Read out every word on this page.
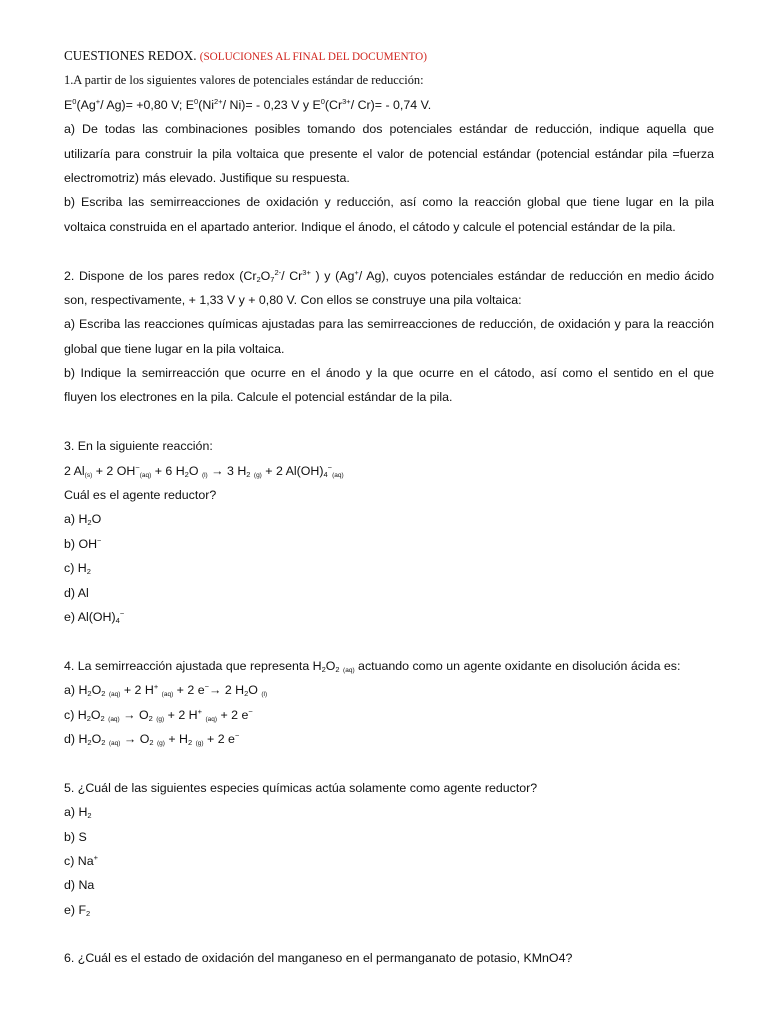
CUESTIONES REDOX. (SOLUCIONES AL FINAL DEL DOCUMENTO)
1.A partir de los siguientes valores de potenciales estándar de reducción:
$E^0(Ag^+/$ Ag)= +0,80 V; $E^0(Ni^{2+}/$ Ni)= - 0,23 V y $E^0(Cr^{3+}/$ Cr)= - 0,74 V.
a) De todas las combinaciones posibles tomando dos potenciales estándar de reducción, indique aquella que
utilizaría para construir la pila voltaica que presente el valor de potencial estándar (potencial estándar pila =fuerza
electromotriz) más elevado. Justifique su respuesta.
b) Escriba las semirreacciones de oxidación y reducción, así como la reacción global que tiene lugar en la pila
voltaica construida en el apartado anterior. Indique el ánodo, el cátodo y calcule el potencial estándar de la pila.
2. Dispone de los pares redox ($Cr_2O_7^{2-}/$ $Cr^{3+}$ ) y (Ag+/ Ag), cuyos potenciales estándar de reducción en medio ácido
son, respectivamente, + 1,33 V y + 0,80 V. Con ellos se construye una pila voltaica:
a) Escriba las reacciones químicas ajustadas para las semirreacciones de reducción, de oxidación y para la reacción
global que tiene lugar en la pila voltaica.
b) Indique la semirreacción que ocurre en el ánodo y la que ocurre en el cátodo, así como el sentido en el que
fluyen los electrones en la pila. Calcule el potencial estándar de la pila.
3. En la siguiente reacción:
2 Al(s) + 2 OH−(aq) + 6 $H_2O$ (l) → 3 $H_2$ (g) + 2 $Al(OH)_4^-(aq)$
Cuál es el agente reductor?
a) $H_2O$
b) OH−
c) $H_2$
d) Al
e) $Al(OH)_4^-$
4. La semirreacción ajustada que representa $H_2O_2$ (aq) actuando como un agente oxidante en disolución ácida es:
a) $H_2O_2$ (aq) + 2 H+ (aq) + 2 e−→ 2 $H_2O$ (l)
c) $H_2O_2$ $(aq) \to O_2$ (g) + 2 H+ (aq) + 2 e−
d) $H_2O_2$ $(aq) \to O_2$ $(g) + H_2$ (g) + 2 e−
5. ¿Cuál de las siguientes especies químicas actúa solamente como agente reductor?
a) $H_2$
b) S
c) Na+
d) Na
e) $F_2$
6. ¿Cuál es el estado de oxidación del manganeso en el permanganato de potasio, KMnO4?
